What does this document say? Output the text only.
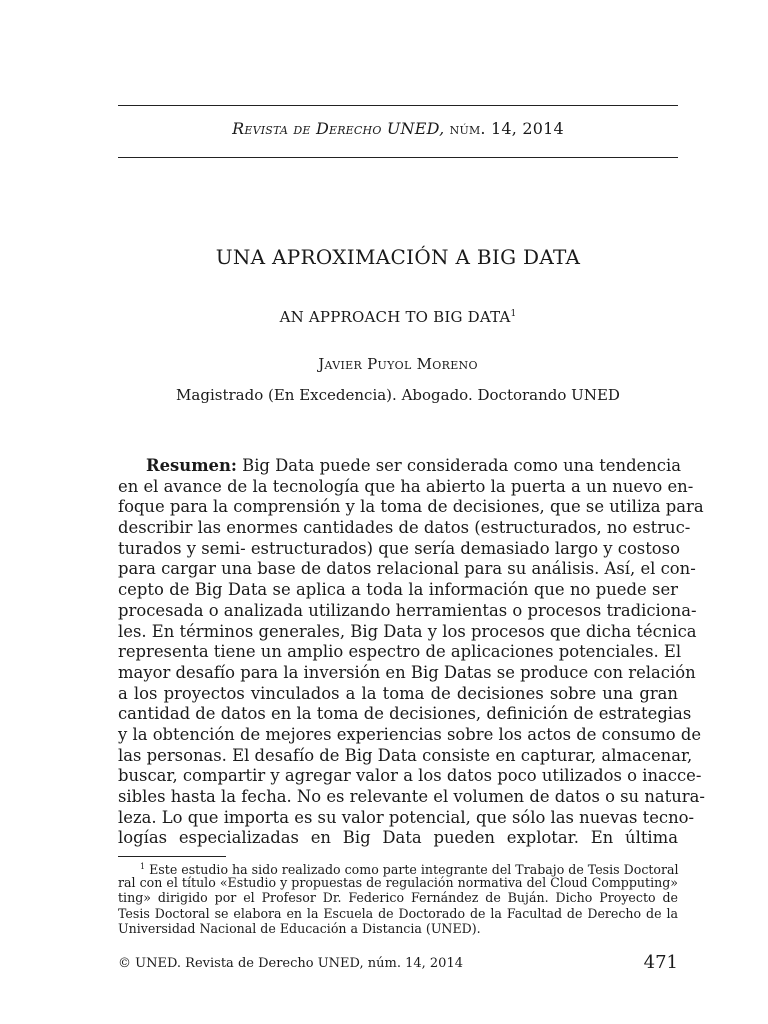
Revista de Derecho UNED, núm. 14, 2014
UNA APROXIMACIÓN A BIG DATA
AN APPROACH TO BIG DATA$^1$
Javier Puyol Moreno
Magistrado (En Excedencia). Abogado. Doctorando UNED
Resumen: Big Data puede ser considerada como una tendencia
en el avance de la tecnología que ha abierto la puerta a un nuevo en-
foque para la comprensión y la toma de decisiones, que se utiliza para
describir las enormes cantidades de datos (estructurados, no estruc-
turados y semi- estructurados) que sería demasiado largo y costoso
para cargar una base de datos relacional para su análisis. Así, el con-
cepto de Big Data se aplica a toda la información que no puede ser
procesada o analizada utilizando herramientas o procesos tradiciona-
les. En términos generales, Big Data y los procesos que dicha técnica
representa tiene un amplio espectro de aplicaciones potenciales. El
mayor desafío para la inversión en Big Datas se produce con relación
a los proyectos vinculados a la toma de decisiones sobre una gran
cantidad de datos en la toma de decisiones, definición de estrategias
y la obtención de mejores experiencias sobre los actos de consumo de
las personas. El desafío de Big Data consiste en capturar, almacenar,
buscar, compartir y agregar valor a los datos poco utilizados o inacce-
sibles hasta la fecha. No es relevante el volumen de datos o su natura-
leza. Lo que importa es su valor potencial, que sólo las nuevas tecno-
logías especializadas en Big Data pueden explotar. En última
$^1$ Este estudio ha sido realizado como parte integrante del Trabajo de Tesis Doctoral
ral con el título «Estudio y propuestas de regulación normativa del Cloud Compputing»
ting» dirigido por el Profesor Dr. Federico Fernández de Buján. Dicho Proyecto de
Tesis Doctoral se elabora en la Escuela de Doctorado de la Facultad de Derecho de la
Universidad Nacional de Educación a Distancia (UNED).
© UNED. Revista de Derecho UNED, núm. 14, 2014	471
